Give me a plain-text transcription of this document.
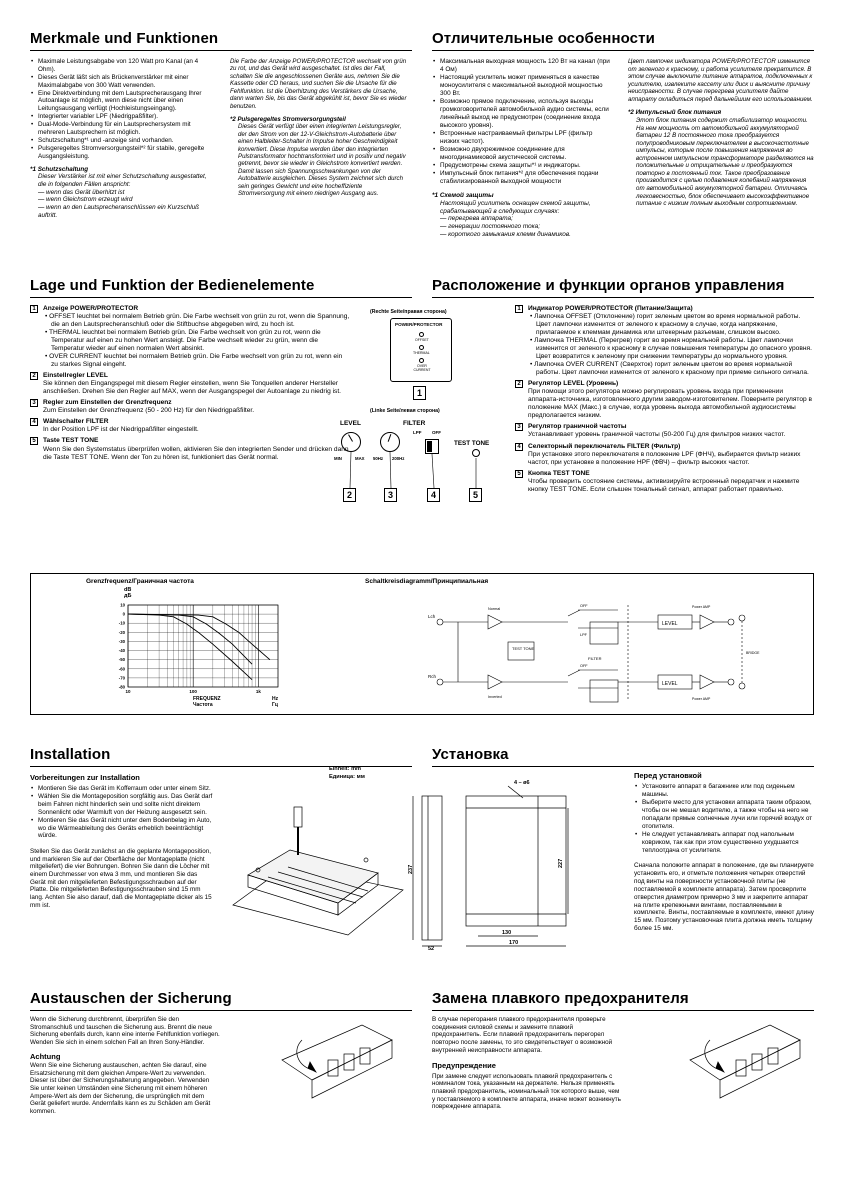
Merkmale und Funktionen	Отличительные особенности
• Maximale Leistungsabgabe von 120 Watt pro Kanal (an 4 Ohm).
• Dieses Gerät läßt sich als Brückenverstärker mit einer Maximalabgabe von 300 Watt verwenden.
• Eine Direktverbindung mit dem Lautsprecherausgang Ihrer Autoanlage ist möglich, wenn diese nicht über einen Leitungsausgang verfügt (Hochleistungseingang).
• Integrierter variabler LPF (Niedrigpaßfilter).
• Dual-Mode-Verbindung für ein Lautsprechersystem mit mehreren Lautsprechern ist möglich.
• Schutzschaltung*¹ und -anzeige sind vorhanden.
• Pulsgeregeltes Stromversorgungsteil*² für stabile, geregelte Ausgangsleistung.
*1 Schutzschaltung
Dieser Verstärker ist mit einer Schutzschaltung ausgestattet, die in folgenden Fällen anspricht:
— wenn das Gerät überhitzt ist
— wenn Gleichstrom erzeugt wird
— wenn an den Lautsprecheranschlüssen ein Kurzschluß auftritt.
Die Farbe der Anzeige POWER/PROTECTOR wechselt von grün zu rot, und das Gerät wird ausgeschaltet. Ist dies der Fall, schalten Sie die angeschlossenen Geräte aus, nehmen Sie die Kassette oder CD heraus, und suchen Sie die Ursache für die Fehlfunktion. Ist die Überhitzung des Verstärkers die Ursache, dann warten Sie, bis das Gerät abgekühlt ist, bevor Sie es wieder benutzen.
*2 Pulsgeregeltes Stromversorgungsteil
Dieses Gerät verfügt über einen integrierten Leistungsregler, der den Strom von der 12-V-Gleichstrom-Autobatterie über einen Halbleiter-Schalter in Impulse hoher Geschwindigkeit konvertiert. Diese Impulse werden über den integrierten Pulstransformator hochtransformiert und in positiv und negativ getrennt, bevor sie wieder in Gleichstrom konvertiert werden. Damit lassen sich Spannungsschwankungen von der Autobatterie ausgleichen. Dieses System zeichnet sich durch sein geringes Gewicht und eine hocheffiziente Stromversorgung mit einem niedrigen Ausgang aus.
• Максимальная выходная мощность 120 Вт на канал (при 4 Ом)
• Настоящий усилитель может применяться в качестве моноусилителя с максимальной выходной мощностью 300 Вт.
• Возможно прямое подключение, используя выходы громкоговорителей автомобильной аудио системы, если линейный выход не предусмотрен (соединение входа высокого уровня).
• Встроенные настраиваемый фильтры LPF (фильтр низких частот).
• Возможно двухрежимное соединение для многодинамиковой акустической системы.
• Предусмотрены схема защиты*¹ и индикаторы.
• Импульсный блок питания*² для обеспечения подачи стабилизированной выходной мощности
*1 Схемой защиты
Настоящий усилитель оснащен схемой защиты, срабатывающей в следующих случаях:
— перегрева аппарата;
— генерации постоянного тока;
— короткого замыкания клемм динамиков.
Цвет лампочек индикатора POWER/PROTECTOR изменится от зеленого к красному, и работа усилителя прекратится. В этом случае выключите питание аппаратов, подключенных к усилителю, извлеките кассету или диск и выясните причину неисправности. В случае перегрева усилителя дайте аппарату охладиться перед дальнейшим его использованием.
*2 Импульсный блок питания
Этот блок питания содержит стабилизатор мощности. На нем мощность от автомобильной аккумуляторной батареи 12 В постоянного тока преобразуется полупроводниковым переключателем в высокочастотные импульсы, которые после повышения напряжения во встроенном импульсном трансформаторе разделяются на положительные и отрицательные и преобразуются повторно в постоянный ток. Такое преобразование производится с целью подавления колебаний напряжения от автомобильной аккумуляторной батареи. Отличаясь легковесностью, блок обеспечивает высокоэффективное питание с низким полным выходным сопротивлением.
Lage und Funktion der Bedienelemente	Расположение и функции органов управления
1 Anzeige POWER/PROTECTOR

• OFFSET leuchtet bei normalem Betrieb grün. Die Farbe wechselt von grün zu rot, wenn die Spannung, die an den Lautsprecheranschluß oder die Stiftbuchse abgegeben wird, zu hoch ist.

• THERMAL leuchtet bei normalem Betrieb grün. Die Farbe wechselt von grün zu rot, wenn die Temperatur auf einen zu hohen Wert ansteigt. Die Farbe wechselt wieder zu grün, wenn die Temperatur wieder auf einen normalen Wert absinkt.

• OVER CURRENT leuchtet bei normalem Betrieb grün. Die Farbe wechselt von grün zu rot, wenn ein zu starkes Signal eingeht.

2 Einstellregler LEVEL

Sie können den Eingangspegel mit diesem Regler einstellen, wenn Sie Tonquellen anderer Hersteller anschließen. Drehen Sie den Regler auf MAX, wenn der Ausgangspegel der Autoanlage zu niedrig ist.

3 Regler zum Einstellen der Grenzfrequenz

Zum Einstellen der Grenzfrequenz (50 - 200 Hz) für den Niedrigpaßfilter.

4 Wählschalter FILTER

In der Position LPF ist der Niedrigpaßfilter eingestellt.

5 Taste TEST TONE

Wenn Sie den Systemstatus überprüfen wollen, aktivieren Sie den integrierten Sender und drücken dann die Taste TEST TONE. Wenn der Ton zu hören ist, funktioniert das Gerät normal.

1 Индикатор POWER/PROTECTOR (Питание/Защита)

• Лампочка OFFSET (Отклонение) горит зеленым цветом во время нормальной работы. Цвет лампочки изменится от зеленого к красному в случае, когда напряжение, прилагаемое к клеммам динамика или штекерным разъемам, слишком высоко.

• Лампочка THERMAL (Перегрев) горит во время нормальной работы. Цвет лампочки изменится от зеленого к красному в случае повышения температуры до опасного уровня. Цвет возвратится к зеленому при снижении температуры до нормального уровня.

• Лампочка OVER CURRENT (Сверхток) горит зеленым цветом во время нормальной работы. Цвет лампочки изменится от зеленого к красному при приеме сильного сигнала.

2 Регулятор LEVEL (Уровень)

При помощи этого регулятора можно регулировать уровень входа при применении аппарата-источника, изготовленного другим заводом-изготовителем. Поверните регулятор в положение MAX (Макс.) в случае, когда уровень выхода автомобильной аудиосистемы предполагается низким.

3 Регулятор граничной частоты

Устанавливает уровень граничной частоты (50-200 Гц) для фильтров низких частот.

4 Селекторный переключатель FILTER (Фильтр)

При установке этого переключателя в положение LPF (ФНЧ), выбирается фильтр низких частот, при установке в положение HPF (ФВЧ) – фильтр высоких частот.

5 Кнопка TEST TONE

Чтобы проверить состояние системы, активизируйте встроенный передатчик и нажмите кнопку TEST TONE. Если слышен тональный сигнал, аппарат работает правильно.

(Rechte Seite/правая сторона)
POWER/PROTECTOR
OFFSET
THERMAL
OVER CURRENT
1
(Linke Seite/левая сторона)
LEVEL	FILTER
MIN	MAX 50Hz 200Hz
LPF OFF
TEST TONE
2	3	4	5
Grenzfrequenz/Граничная частота
dB
дБ
10
0
-10
-20
-30
-40
-50
-60
-70
-80
10	100	1k
FREQUENZ
Частота
Hz
Гц
Schaltkreisdiagramm/Принципиальная
Lch
Rch
Normal
Inverted
TEST TONE
OFF
OFF
LPF
FILTER
LEVEL
LEVEL
Power AMP
Power AMP
BRIDGE
Installation	Установка
Vorbereitungen zur Installation
• Montieren Sie das Gerät im Kofferraum oder unter einem Sitz.
• Wählen Sie die Montageposition sorgfältig aus. Das Gerät darf beim Fahren nicht hinderlich sein und sollte nicht direktem Sonnenlicht oder Warmluft von der Heizung ausgesetzt sein.
• Montieren Sie das Gerät nicht unter dem Bodenbelag im Auto, wo die Wärmeableitung des Geräts erheblich beeinträchtigt würde.
Stellen Sie das Gerät zunächst an die geplante Montageposition, und markieren Sie auf der Oberfläche der Montageplatte (nicht mitgeliefert) die vier Bohrungen. Bohren Sie dann die Löcher mit einem Durchmesser von etwa 3 mm, und montieren Sie das Gerät mit den mitgelieferten Befestigungsschrauben auf der Platte. Die mitgelieferten Befestigungsschrauben sind 15 mm lang. Achten Sie also darauf, daß die Montageplatte dicker als 15 mm ist.
Einheit: mm
Единица: мм
4 – ø6
237
227
130
170
52
Перед установкой
• Установите аппарат в багажнике или под сиденьем машины.
• Выберите место для установки аппарата таким образом, чтобы он не мешал водителю, а также чтобы на него не попадали прямые солнечные лучи или горячий воздух от отопителя.
• Не следует устанавливать аппарат под напольным ковриком, так как при этом существенно ухудшается теплоотдача от усилителя.
Сначала положите аппарат в положение, где вы планируете установить его, и отметьте положения четырех отверстий под винты на поверхности установочной плиты (не поставляемой в комплекте аппарата). Затем просверлите отверстия диаметром примерно 3 мм и закрепите аппарат на плите крепежными винтами, поставляемыми в комплекте. Винты, поставляемые в комплекте, имеют длину 15 мм. Поэтому установочная плита должна иметь толщину более 15 мм.
Austauschen der Sicherung	Замена плавкого предохранителя
Wenn die Sicherung durchbrennt, überprüfen Sie den Stromanschluß und tauschen die Sicherung aus. Brennt die neue Sicherung ebenfalls durch, kann eine interne Fehlfunktion vorliegen. Wenden Sie sich in einem solchen Fall an Ihren Sony-Händler.
Achtung
Wenn Sie eine Sicherung austauschen, achten Sie darauf, eine Ersatzsicherung mit dem gleichen Ampere-Wert zu verwenden. Dieser ist über der Sicherungshalterung angegeben. Verwenden Sie unter keinen Umständen eine Sicherung mit einem höheren Ampere-Wert als dem der Sicherung, die ursprünglich mit dem Gerät geliefert wurde. Andernfalls kann es zu Schäden am Gerät kommen.
В случае перегорания плавкого предохранителя проверьте соединения силовой схемы и замените плавкий предохранитель. Если плавкий предохранитель перегорел повторно после замены, то это свидетельствует о возможной внутренней неисправности аппарата.
Предупреждение
При замене следует использовать плавкий предохранитель с номиналом тока, указанным на держателе. Нельзя применять плавкий предохранитель, номинальный ток которого выше, чем у поставляемого в комплекте аппарата, иначе может возникнуть повреждение аппарата.
